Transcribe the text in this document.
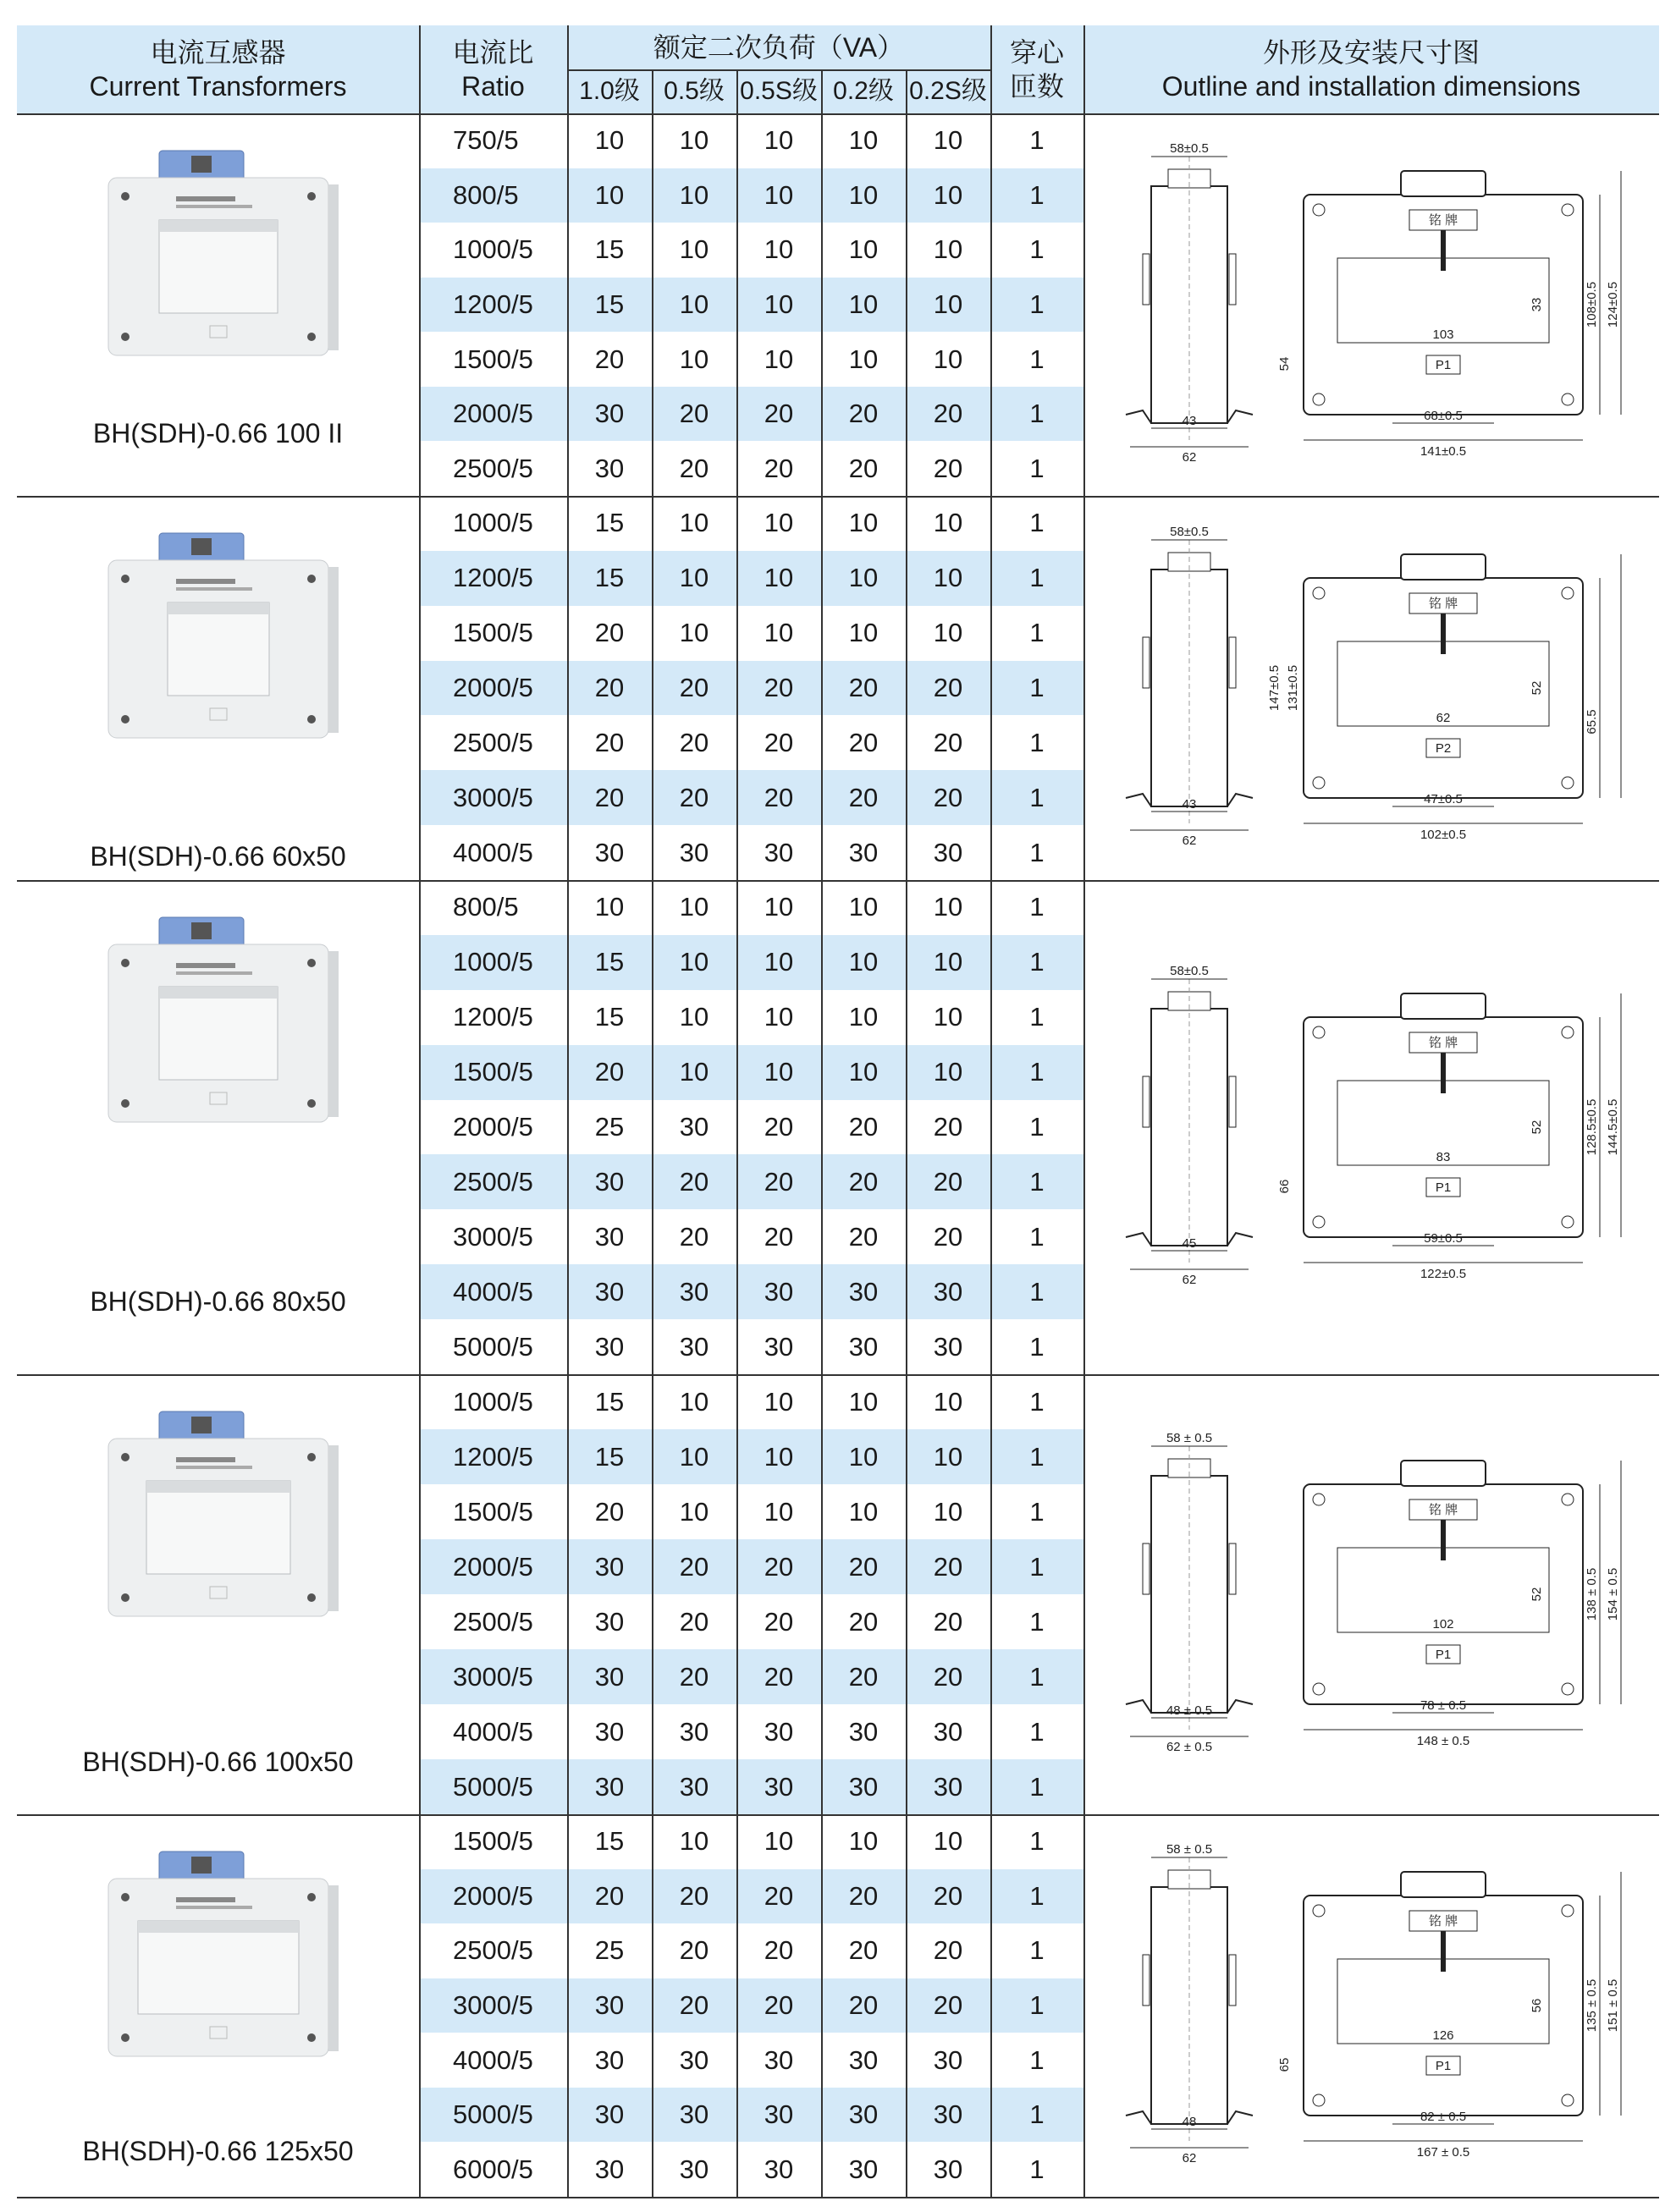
电流互感器
Current Transformers
电流比
Ratio
额定二次负荷（VA）
1.0级 0.5级 0.5S级 0.2级 0.2S级
穿心
匝数
外形及安装尺寸图
Outline and installation dimensions
750/5	10	10	10	10	10	1
800/5	10	10	10	10	10	1
1000/5	15	10	10	10	10	1
1200/5	15	10	10	10	10	1
1500/5	20	10	10	10	10	1
2000/5	30	20	20	20	20	1
2500/5	30	20	20	20	20	1
BH(SDH)-0.66 100 II
58±0.5
43
62
铭 牌
103
33
P1
68±0.5
141±0.5
108±0.5 124±0.5
54
1000/5	15	10	10	10	10	1
1200/5	15	10	10	10	10	1
1500/5	20	10	10	10	10	1
2000/5	20	20	20	20	20	1
2500/5	20	20	20	20	20	1
3000/5	20	20	20	20	20	1
4000/5	30	30	30	30	30	1
BH(SDH)-0.66 60x50
58±0.5
43
62
铭 牌
62
52
P2
47±0.5
102±0.5
147±0.5 131±0.5
65.5
800/5	10	10	10	10	10	1
1000/5	15	10	10	10	10	1
1200/5	15	10	10	10	10	1
1500/5	20	10	10	10	10	1
2000/5	25	30	20	20	20	1
2500/5	30	20	20	20	20	1
3000/5	30	20	20	20	20	1
4000/5	30	30	30	30	30	1
5000/5	30	30	30	30	30	1
BH(SDH)-0.66 80x50
58±0.5
45
62
铭 牌
83
52
P1
59±0.5
122±0.5
128.5±0.5 144.5±0.5
66
1000/5	15	10	10	10	10	1
1200/5	15	10	10	10	10	1
1500/5	20	10	10	10	10	1
2000/5	30	20	20	20	20	1
2500/5	30	20	20	20	20	1
3000/5	30	20	20	20	20	1
4000/5	30	30	30	30	30	1
5000/5	30	30	30	30	30	1
BH(SDH)-0.66 100x50
58 ± 0.5
48 ± 0.5
62 ± 0.5
铭 牌
102
52
P1
78 ± 0.5
148 ± 0.5
138 ± 0.5 154 ± 0.5
1500/5	15	10	10	10	10	1
2000/5	20	20	20	20	20	1
2500/5	25	20	20	20	20	1
3000/5	30	20	20	20	20	1
4000/5	30	30	30	30	30	1
5000/5	30	30	30	30	30	1
6000/5	30	30	30	30	30	1
BH(SDH)-0.66 125x50
58 ± 0.5
48
62
铭 牌
126
56
P1
82 ± 0.5
167 ± 0.5
135 ± 0.5 151 ± 0.5
65
